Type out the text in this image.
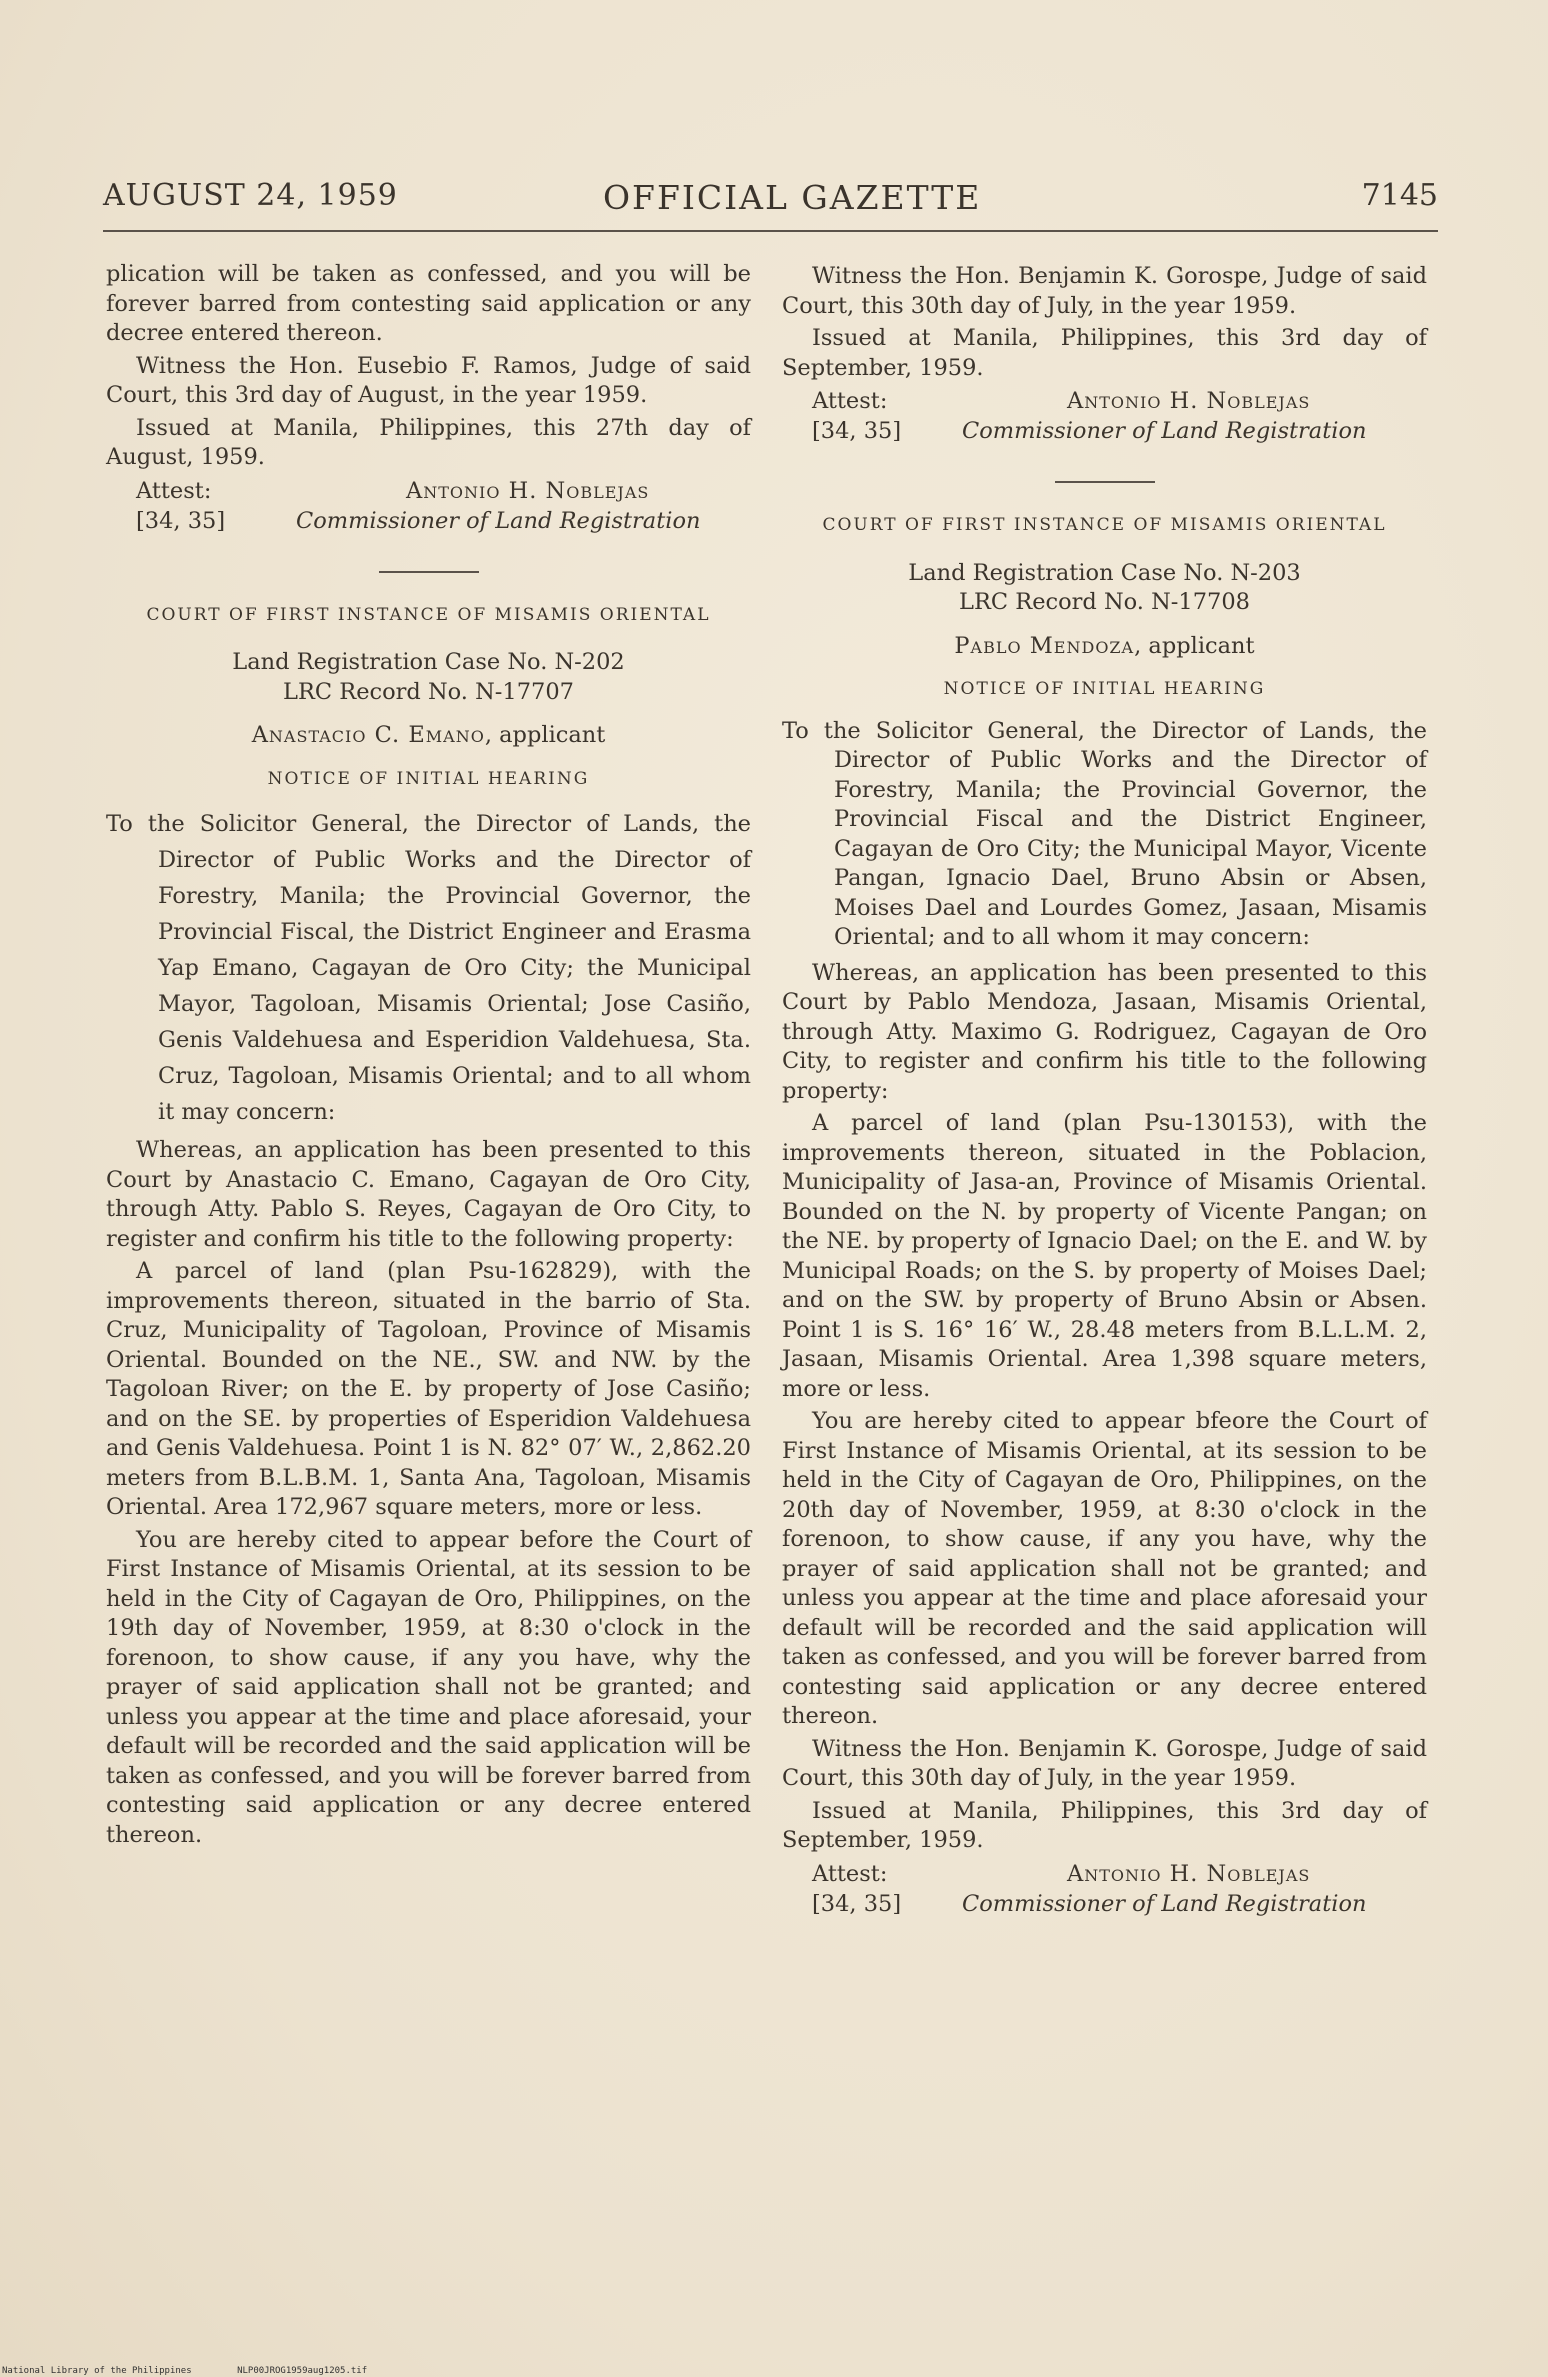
AUGUST 24, 1959	OFFICIAL GAZETTE	7145

plication will be taken as confessed, and you will be forever barred from contesting said application or any decree entered thereon.

Witness the Hon. Eusebio F. Ramos, Judge of said Court, this 3rd day of August, in the year 1959.

Issued at Manila, Philippines, this 27th day of August, 1959.

Attest:
[34, 35]
Antonio H. Noblejas
Commissioner of Land Registration
COURT OF FIRST INSTANCE OF MISAMIS ORIENTAL
Land Registration Case No. N-202
LRC Record No. N-17707
Anastacio C. Emano, applicant
NOTICE OF INITIAL HEARING

To the Solicitor General, the Director of Lands, the Director of Public Works and the Director of Forestry, Manila; the Provincial Governor, the Provincial Fiscal, the District Engineer and Erasma Yap Emano, Cagayan de Oro City; the Municipal Mayor, Tagoloan, Misamis Oriental; Jose Casiño, Genis Valdehuesa and Esperidion Valdehuesa, Sta. Cruz, Tagoloan, Misamis Oriental; and to all whom it may concern:

Whereas, an application has been presented to this Court by Anastacio C. Emano, Cagayan de Oro City, through Atty. Pablo S. Reyes, Cagayan de Oro City, to register and confirm his title to the following property:

A parcel of land (plan Psu-162829), with the improvements thereon, situated in the barrio of Sta. Cruz, Municipality of Tagoloan, Province of Misamis Oriental. Bounded on the NE., SW. and NW. by the Tagoloan River; on the E. by property of Jose Casiño; and on the SE. by properties of Esperidion Valdehuesa and Genis Valdehuesa. Point 1 is N. 82° 07′ W., 2,862.20 meters from B.L.B.M. 1, Santa Ana, Tagoloan, Misamis Oriental. Area 172,967 square meters, more or less.

You are hereby cited to appear before the Court of First Instance of Misamis Oriental, at its session to be held in the City of Cagayan de Oro, Philippines, on the 19th day of November, 1959, at 8:30 o'clock in the forenoon, to show cause, if any you have, why the prayer of said application shall not be granted; and unless you appear at the time and place aforesaid, your default will be recorded and the said application will be taken as confessed, and you will be forever barred from contesting said application or any decree entered thereon.

Witness the Hon. Benjamin K. Gorospe, Judge of said Court, this 30th day of July, in the year 1959.

Issued at Manila, Philippines, this 3rd day of September, 1959.

Attest:
[34, 35]
Antonio H. Noblejas
Commissioner of Land Registration
COURT OF FIRST INSTANCE OF MISAMIS ORIENTAL
Land Registration Case No. N-203
LRC Record No. N-17708
Pablo Mendoza, applicant
NOTICE OF INITIAL HEARING

To the Solicitor General, the Director of Lands, the Director of Public Works and the Director of Forestry, Manila; the Provincial Governor, the Provincial Fiscal and the District Engineer, Cagayan de Oro City; the Municipal Mayor, Vicente Pangan, Ignacio Dael, Bruno Absin or Absen, Moises Dael and Lourdes Gomez, Jasaan, Misamis Oriental; and to all whom it may concern:

Whereas, an application has been presented to this Court by Pablo Mendoza, Jasaan, Misamis Oriental, through Atty. Maximo G. Rodriguez, Cagayan de Oro City, to register and confirm his title to the following property:

A parcel of land (plan Psu-130153), with the improvements thereon, situated in the Poblacion, Municipality of Jasa-an, Province of Misamis Oriental. Bounded on the N. by property of Vicente Pangan; on the NE. by property of Ignacio Dael; on the E. and W. by Municipal Roads; on the S. by property of Moises Dael; and on the SW. by property of Bruno Absin or Absen. Point 1 is S. 16° 16′ W., 28.48 meters from B.L.L.M. 2, Jasaan, Misamis Oriental. Area 1,398 square meters, more or less.

You are hereby cited to appear bfeore the Court of First Instance of Misamis Oriental, at its session to be held in the City of Cagayan de Oro, Philippines, on the 20th day of November, 1959, at 8:30 o'clock in the forenoon, to show cause, if any you have, why the prayer of said application shall not be granted; and unless you appear at the time and place aforesaid your default will be recorded and the said application will taken as confessed, and you will be forever barred from contesting said application or any decree entered thereon.

Witness the Hon. Benjamin K. Gorospe, Judge of said Court, this 30th day of July, in the year 1959.

Issued at Manila, Philippines, this 3rd day of September, 1959.

Attest:
[34, 35]
Antonio H. Noblejas
Commissioner of Land Registration
National Library of the Philippines	NLP00JROG1959aug1205.tif
